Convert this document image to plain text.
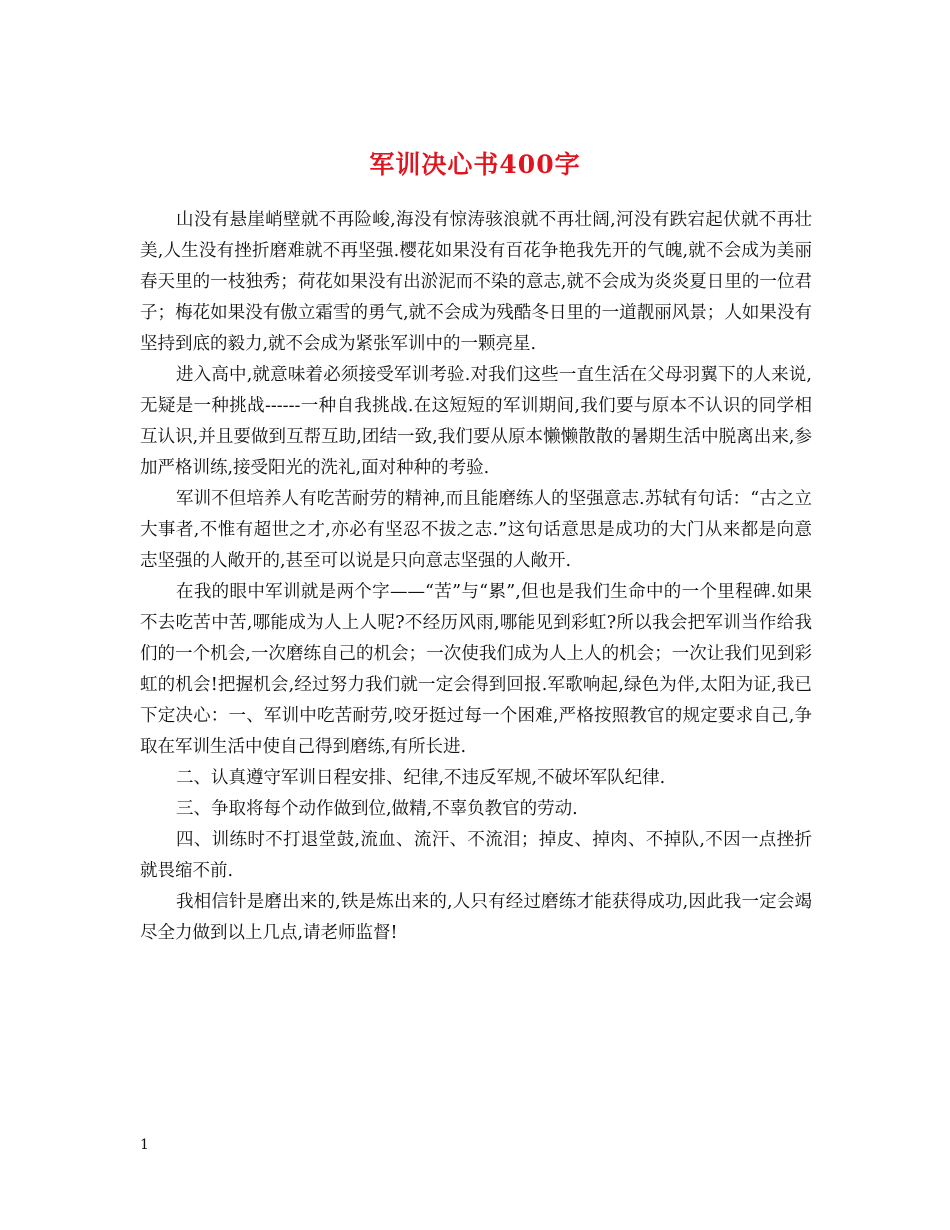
军训决心书400字

山没有悬崖峭壁就不再险峻,海没有惊涛骇浪就不再壮阔,河没有跌宕起伏就不再壮美,人生没有挫折磨难就不再坚强.樱花如果没有百花争艳我先开的气魄,就不会成为美丽春天里的一枝独秀；荷花如果没有出淤泥而不染的意志,就不会成为炎炎夏日里的一位君子；梅花如果没有傲立霜雪的勇气,就不会成为残酷冬日里的一道靓丽风景；人如果没有坚持到底的毅力,就不会成为紧张军训中的一颗亮星.

进入高中,就意味着必须接受军训考验.对我们这些一直生活在父母羽翼下的人来说,无疑是一种挑战------一种自我挑战.在这短短的军训期间,我们要与原本不认识的同学相互认识,并且要做到互帮互助,团结一致,我们要从原本懒懒散散的暑期生活中脱离出来,参加严格训练,接受阳光的洗礼,面对种种的考验.

军训不但培养人有吃苦耐劳的精神,而且能磨练人的坚强意志.苏轼有句话：“古之立大事者,不惟有超世之才,亦必有坚忍不拔之志.”这句话意思是成功的大门从来都是向意志坚强的人敞开的,甚至可以说是只向意志坚强的人敞开.

在我的眼中军训就是两个字——“苦”与“累”,但也是我们生命中的一个里程碑.如果不去吃苦中苦,哪能成为人上人呢?不经历风雨,哪能见到彩虹?所以我会把军训当作给我们的一个机会,一次磨练自己的机会；一次使我们成为人上人的机会；一次让我们见到彩虹的机会!把握机会,经过努力我们就一定会得到回报.军歌响起,绿色为伴,太阳为证,我已下定决心：一、军训中吃苦耐劳,咬牙挺过每一个困难,严格按照教官的规定要求自己,争取在军训生活中使自己得到磨练,有所长进.

二、认真遵守军训日程安排、纪律,不违反军规,不破坏军队纪律.

三、争取将每个动作做到位,做精,不辜负教官的劳动.

四、训练时不打退堂鼓,流血、流汗、不流泪；掉皮、掉肉、不掉队,不因一点挫折就畏缩不前.

我相信针是磨出来的,铁是炼出来的,人只有经过磨练才能获得成功,因此我一定会竭尽全力做到以上几点,请老师监督!

1
